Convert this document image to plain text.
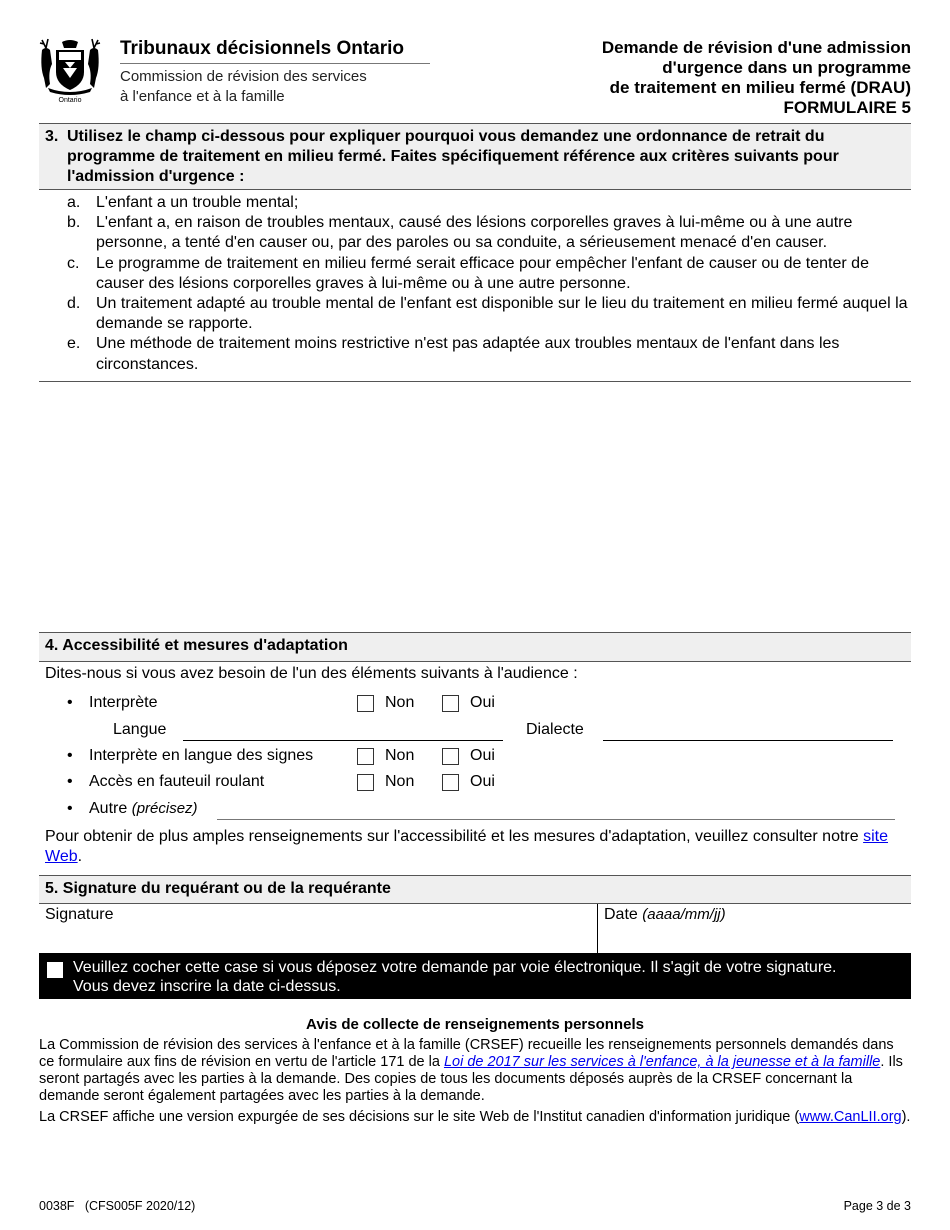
Ontario
Tribunaux décisionnels Ontario
Commission de révision des services
à l'enfance et à la famille
Demande de révision d'une admission
d'urgence dans un programme
de traitement en milieu fermé (DRAU)
FORMULAIRE 5
3. Utilisez le champ ci-dessous pour expliquer pourquoi vous demandez une ordonnance de retrait du programme de traitement en milieu fermé. Faites spécifiquement référence aux critères suivants pour l'admission d'urgence :
a. L'enfant a un trouble mental;
b. L'enfant a, en raison de troubles mentaux, causé des lésions corporelles graves à lui-même ou à une autre personne, a tenté d'en causer ou, par des paroles ou sa conduite, a sérieusement menacé d'en causer.
c. Le programme de traitement en milieu fermé serait efficace pour empêcher l'enfant de causer ou de tenter de causer des lésions corporelles graves à lui-même ou à une autre personne.
d. Un traitement adapté au trouble mental de l'enfant est disponible sur le lieu du traitement en milieu fermé auquel la demande se rapporte.
e. Une méthode de traitement moins restrictive n'est pas adaptée aux troubles mentaux de l'enfant dans les circonstances.
4. Accessibilité et mesures d'adaptation
Dites-nous si vous avez besoin de l'un des éléments suivants à l'audience :
• Interprète	Non	Oui
Langue	Dialecte
• Interprète en langue des signes	Non	Oui
• Accès en fauteuil roulant	Non	Oui
• Autre (précisez)
Pour obtenir de plus amples renseignements sur l'accessibilité et les mesures d'adaptation, veuillez consulter notre site Web.
5. Signature du requérant ou de la requérante
Signature	Date (aaaa/mm/jj)
Veuillez cocher cette case si vous déposez votre demande par voie électronique. Il s'agit de votre signature.
Vous devez inscrire la date ci-dessus.
Avis de collecte de renseignements personnels

La Commission de révision des services à l'enfance et à la famille (CRSEF) recueille les renseignements personnels demandés dans ce formulaire aux fins de révision en vertu de l'article 171 de la Loi de 2017 sur les services à l'enfance, à la jeunesse et à la famille. Ils seront partagés avec les parties à la demande. Des copies de tous les documents déposés auprès de la CRSEF concernant la demande seront également partagées avec les parties à la demande.

La CRSEF affiche une version expurgée de ses décisions sur le site Web de l'Institut canadien d'information juridique (www.CanLII.org).

0038F   (CFS005F 2020/12)	Page 3 de 3
